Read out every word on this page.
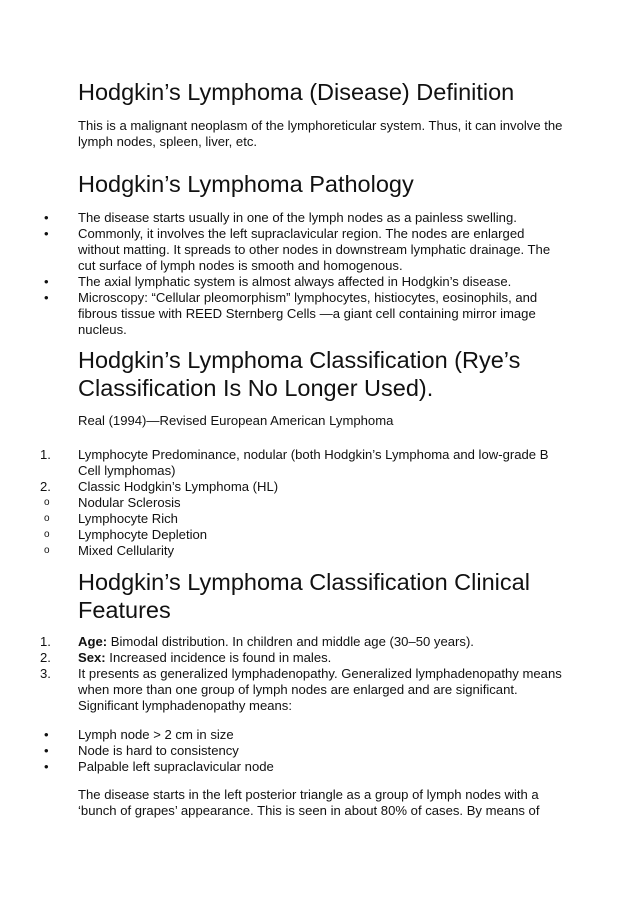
Hodgkin’s Lymphoma (Disease) Definition

This is a malignant neoplasm of the lymphoreticular system. Thus, it can involve the lymph nodes, spleen, liver, etc.

Hodgkin’s Lymphoma Pathology
• The disease starts usually in one of the lymph nodes as a painless swelling.
• Commonly, it involves the left supraclavicular region. The nodes are enlarged without matting. It spreads to other nodes in downstream lymphatic drainage. The cut surface of lymph nodes is smooth and homogenous.
• The axial lymphatic system is almost always affected in Hodgkin’s disease.
• Microscopy: “Cellular pleomorphism” lymphocytes, histiocytes, eosinophils, and fibrous tissue with REED Sternberg Cells —a giant cell containing mirror image nucleus.
Hodgkin’s Lymphoma Classification (Rye’s Classification Is No Longer Used).

Real (1994)—Revised European American Lymphoma

1. Lymphocyte Predominance, nodular (both Hodgkin’s Lymphoma and low-grade B Cell lymphomas)
2. Classic Hodgkin’s Lymphoma (HL)
o Nodular Sclerosis
o Lymphocyte Rich
o Lymphocyte Depletion
o Mixed Cellularity
Hodgkin’s Lymphoma Classification Clinical Features
1. Age: Bimodal distribution. In children and middle age (30–50 years).
2. Sex: Increased incidence is found in males.
3. It presents as generalized lymphadenopathy. Generalized lymphadenopathy means when more than one group of lymph nodes are enlarged and are significant. Significant lymphadenopathy means:
• Lymph node > 2 cm in size
• Node is hard to consistency
• Palpable left supraclavicular node

The disease starts in the left posterior triangle as a group of lymph nodes with a ‘bunch of grapes’ appearance. This is seen in about 80% of cases. By means of
